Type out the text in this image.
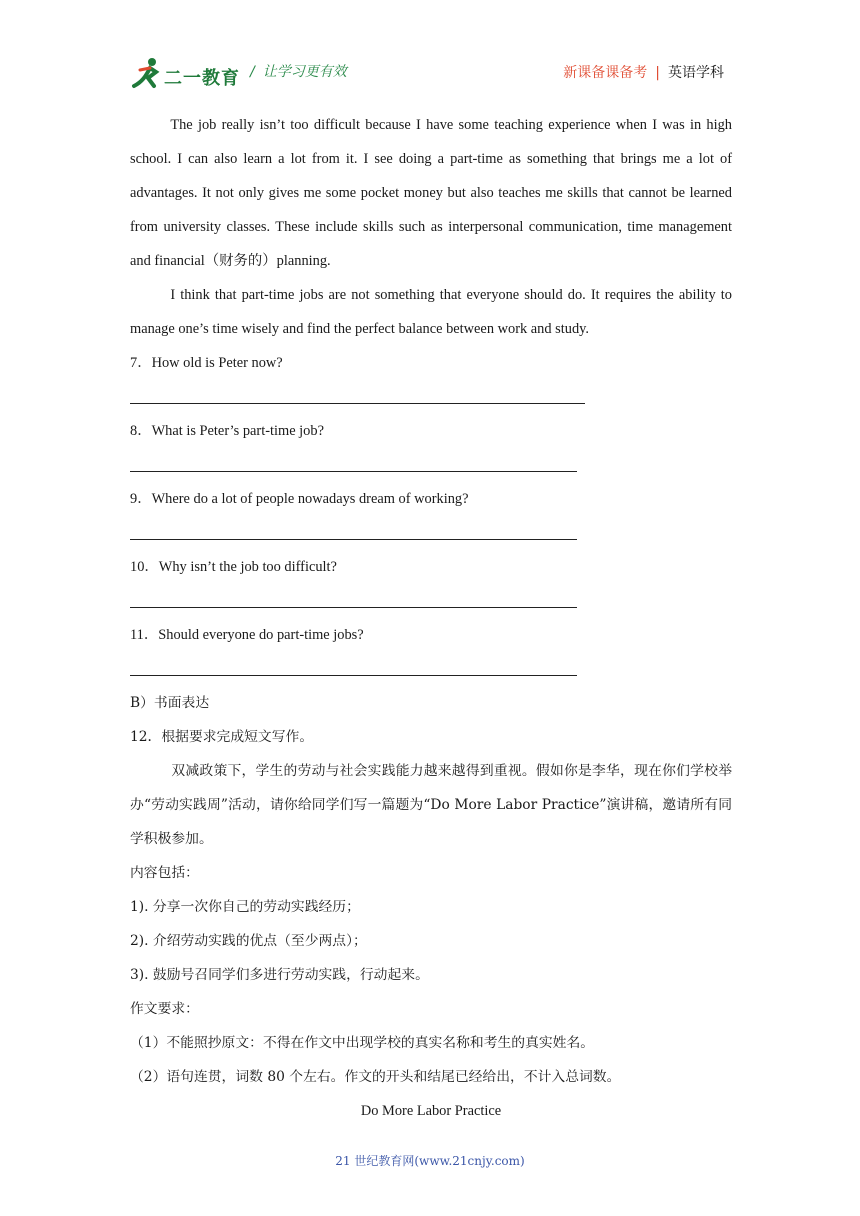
二一教育 / 让学习更有效	新课备课备考 | 英语学科

The job really isn’t too difficult because I have some teaching experience when I was in high school. I can also learn a lot from it. I see doing a part-time as something that brings me a lot of advantages. It not only gives me some pocket money but also teaches me skills that cannot be learned from university classes. These include skills such as interpersonal communication, time management and financial（财务的）planning.

I think that part-time jobs are not something that everyone should do. It requires the ability to manage one’s time wisely and find the perfect balance between work and study.

7．How old is Peter now?

8．What is Peter’s part-time job?

9．Where do a lot of people nowadays dream of working?

10．Why isn’t the job too difficult?

11．Should everyone do part-time jobs?

B）书面表达

12．根据要求完成短文写作。

双减政策下，学生的劳动与社会实践能力越来越得到重视。假如你是李华，现在你们学校举办“劳动实践周”活动，请你给同学们写一篇题为“Do More Labor Practice”演讲稿，邀请所有同学积极参加。

内容包括：

1). 分享一次你自己的劳动实践经历；

2). 介绍劳动实践的优点（至少两点）；

3). 鼓励号召同学们多进行劳动实践，行动起来。

作文要求：

（1）不能照抄原文：不得在作文中出现学校的真实名称和考生的真实姓名。

（2）语句连贯，词数 80 个左右。作文的开头和结尾已经给出，不计入总词数。

Do More Labor Practice

21 世纪教育网(www.21cnjy.com)
